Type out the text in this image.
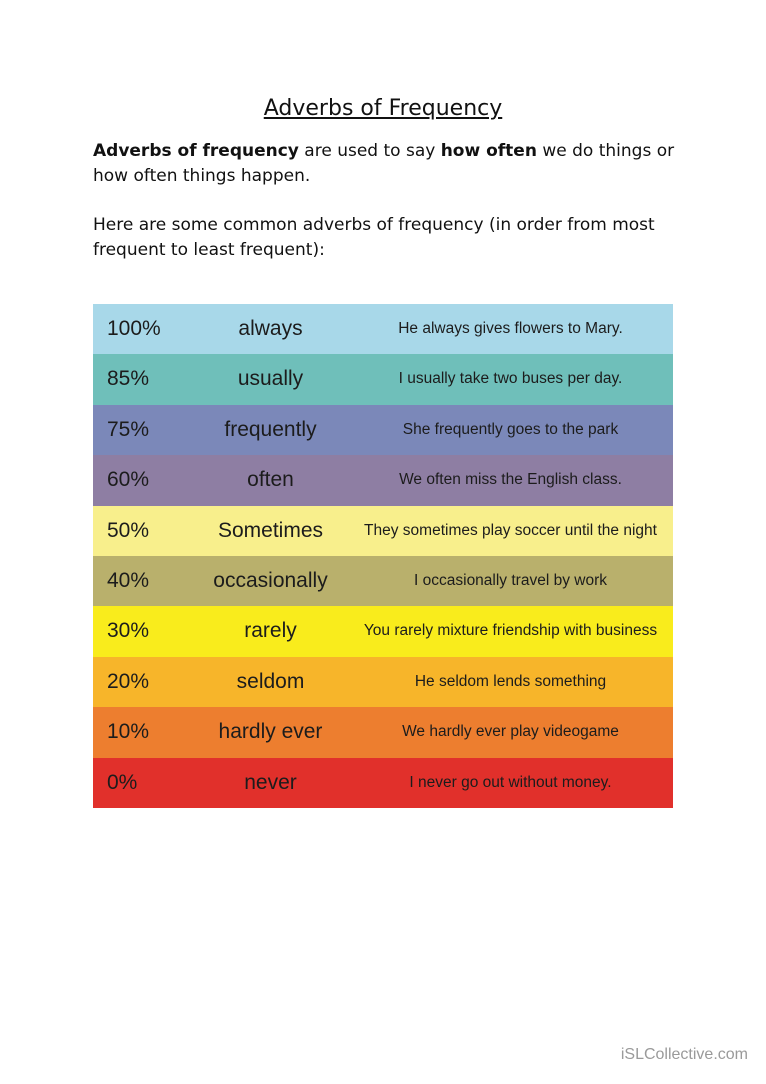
Adverbs of Frequency
Adverbs of frequency are used to say how often we do things or how often things happen.
Here are some common adverbs of frequency (in order from most frequent to least frequent):
100%	always	He always gives flowers to Mary.
85%	usually	I usually take two buses per day.
75%	frequently	She frequently goes to the park
60%	often	We often miss the English class.
50%	Sometimes	They sometimes play soccer until the night
40%	occasionally	I occasionally travel by work
30%	rarely	You rarely mixture friendship with business
20%	seldom	He seldom lends something
10%	hardly ever	We hardly ever play videogame
0%	never	I never go out without money.
iSLCollective.com
